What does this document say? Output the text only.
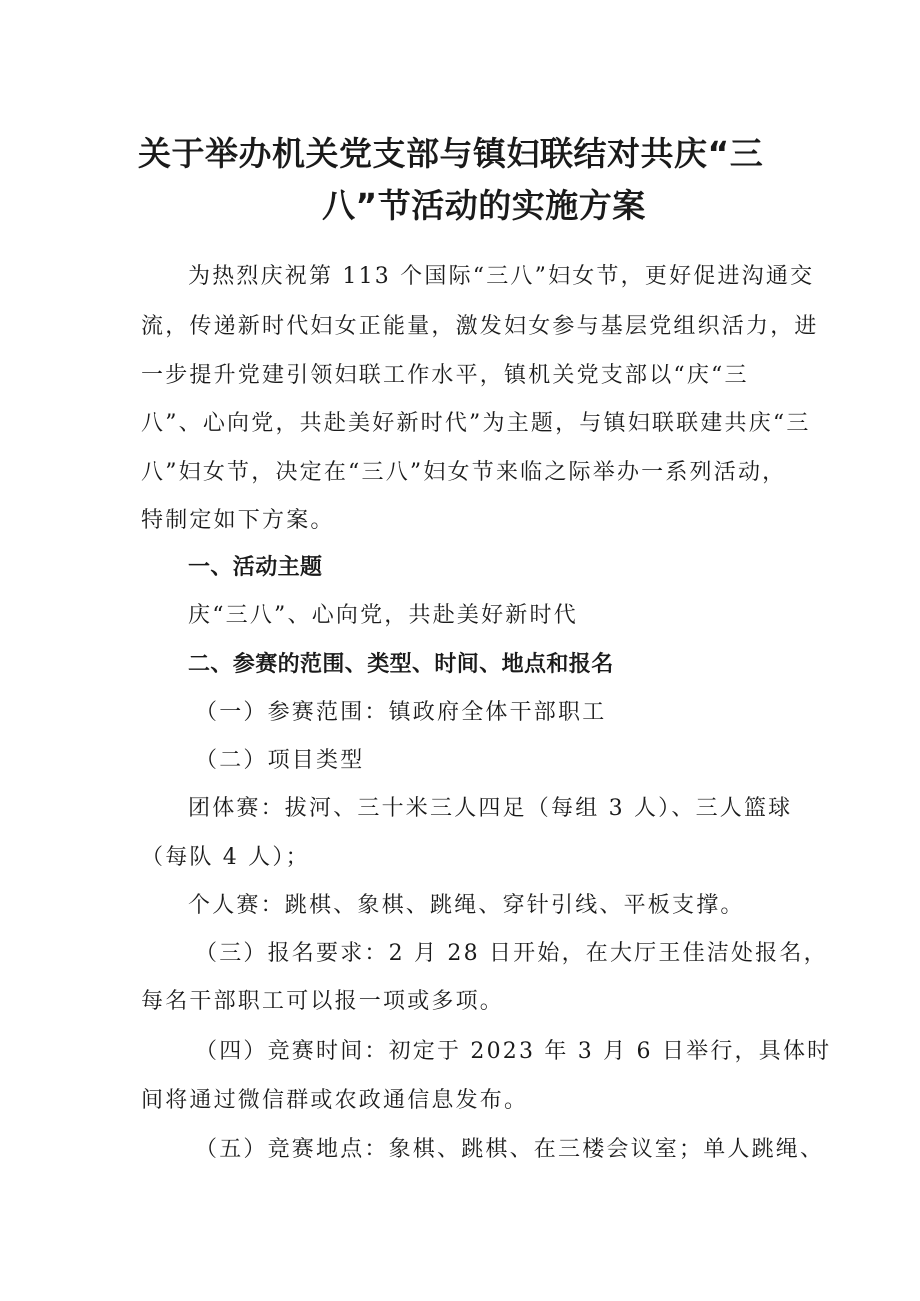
关于举办机关党支部与镇妇联结对共庆“三
八”节活动的实施方案
为热烈庆祝第 113 个国际“三八”妇女节，更好促进沟通交
流，传递新时代妇女正能量，激发妇女参与基层党组织活力，进
一步提升党建引领妇联工作水平，镇机关党支部以“庆“三
八”、心向党，共赴美好新时代”为主题，与镇妇联联建共庆“三
八”妇女节，决定在“三八”妇女节来临之际举办一系列活动，
特制定如下方案。
一、活动主题
庆“三八”、心向党，共赴美好新时代
二、参赛的范围、类型、时间、地点和报名
（一）参赛范围：镇政府全体干部职工
（二）项目类型
团体赛：拔河、三十米三人四足（每组 3 人）、三人篮球
（每队 4 人）；
个人赛：跳棋、象棋、跳绳、穿针引线、平板支撑。
（三）报名要求：2 月 28 日开始，在大厅王佳洁处报名，
每名干部职工可以报一项或多项。
（四）竞赛时间：初定于 2023 年 3 月 6 日举行，具体时
间将通过微信群或农政通信息发布。
（五）竞赛地点：象棋、跳棋、在三楼会议室；单人跳绳、
